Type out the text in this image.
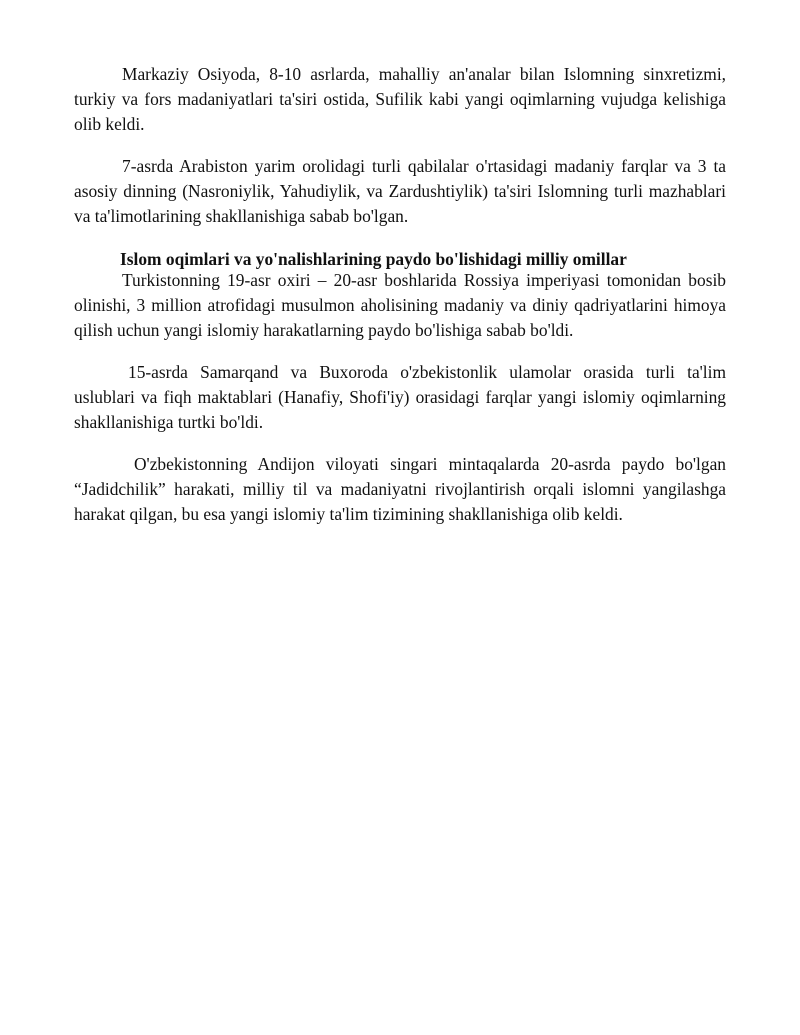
Markaziy Osiyoda, 8-10 asrlarda, mahalliy an'analar bilan Islomning sinxretizmi, turkiy va fors madaniyatlari ta'siri ostida, Sufilik kabi yangi oqimlarning vujudga kelishiga olib keldi.

7-asrda Arabiston yarim orolidagi turli qabilalar o'rtasidagi madaniy farqlar va 3 ta asosiy dinning (Nasroniylik, Yahudiylik, va Zardushtiylik) ta'siri Islomning turli mazhablari va ta'limotlarining shakllanishiga sabab bo'lgan.

Islom oqimlari va yo'nalishlarining paydo bo'lishidagi milliy omillar

Turkistonning 19-asr oxiri – 20-asr boshlarida Rossiya imperiyasi tomonidan bosib olinishi, 3 million atrofidagi musulmon aholisining madaniy va diniy qadriyatlarini himoya qilish uchun yangi islomiy harakatlarning paydo bo'lishiga sabab bo'ldi.

15-asrda Samarqand va Buxoroda o'zbekistonlik ulamolar orasida turli ta'lim uslublari va fiqh maktablari (Hanafiy, Shofi'iy) orasidagi farqlar yangi islomiy oqimlarning shakllanishiga turtki bo'ldi.

O'zbekistonning Andijon viloyati singari mintaqalarda 20-asrda paydo bo'lgan “Jadidchilik” harakati, milliy til va madaniyatni rivojlantirish orqali islomni yangilashga harakat qilgan, bu esa yangi islomiy ta'lim tizimining shakllanishiga olib keldi.
